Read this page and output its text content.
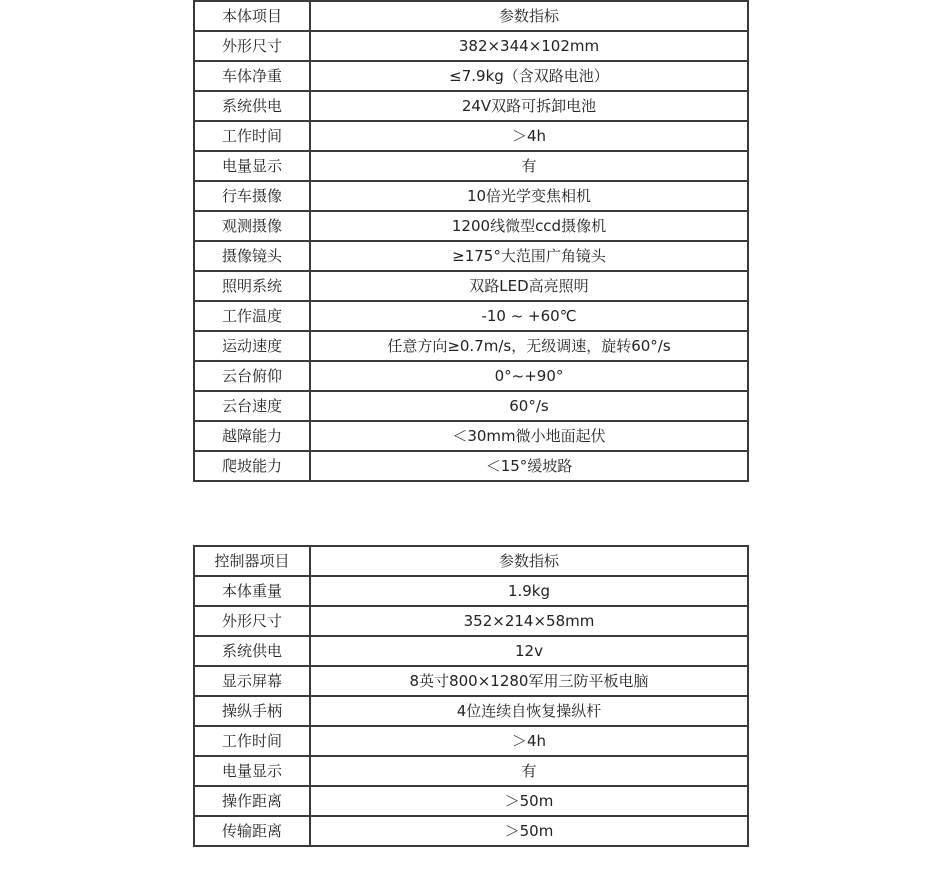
本体项目	参数指标
外形尺寸	382×344×102mm
车体净重	≤7.9kg（含双路电池）
系统供电	24V双路可拆卸电池
工作时间	＞4h
电量显示	有
行车摄像	10倍光学变焦相机
观测摄像	1200线微型ccd摄像机
摄像镜头	≥175°大范围广角镜头
照明系统	双路LED高亮照明
工作温度	-10 ~ +60℃
运动速度	任意方向≥0.7m/s，无级调速，旋转60°/s
云台俯仰	0°~+90°
云台速度	60°/s
越障能力	＜30mm微小地面起伏
爬坡能力	＜15°缓坡路
控制器项目	参数指标
本体重量	1.9kg
外形尺寸	352×214×58mm
系统供电	12v
显示屏幕	8英寸800×1280军用三防平板电脑
操纵手柄	4位连续自恢复操纵杆
工作时间	＞4h
电量显示	有
操作距离	＞50m
传输距离	＞50m
